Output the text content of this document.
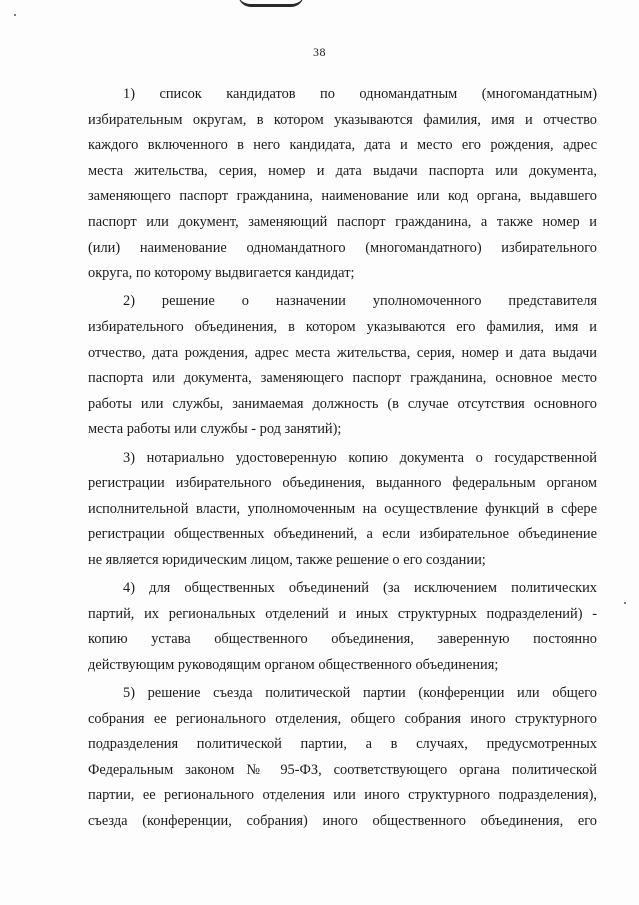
38
1) список кандидатов по одномандатным (многомандатным)
избирательным округам, в котором указываются фамилия, имя и отчество
каждого включенного в него кандидата, дата и место его рождения, адрес
места жительства, серия, номер и дата выдачи паспорта или документа,
заменяющего паспорт гражданина, наименование или код органа, выдавшего
паспорт или документ, заменяющий паспорт гражданина, а также номер и
(или) наименование одномандатного (многомандатного) избирательного
округа, по которому выдвигается кандидат;
2) решение о назначении уполномоченного представителя
избирательного объединения, в котором указываются его фамилия, имя и
отчество, дата рождения, адрес места жительства, серия, номер и дата выдачи
паспорта или документа, заменяющего паспорт гражданина, основное место
работы или службы, занимаемая должность (в случае отсутствия основного
места работы или службы - род занятий);
3) нотариально удостоверенную копию документа о государственной
регистрации избирательного объединения, выданного федеральным органом
исполнительной власти, уполномоченным на осуществление функций в сфере
регистрации общественных объединений, а если избирательное объединение
не является юридическим лицом, также решение о его создании;
4) для общественных объединений (за исключением политических
партий, их региональных отделений и иных структурных подразделений) -
копию устава общественного объединения, заверенную постоянно
действующим руководящим органом общественного объединения;
5) решение съезда политической партии (конференции или общего
собрания ее регионального отделения, общего собрания иного структурного
подразделения политической партии, а в случаях, предусмотренных
Федеральным законом № 95-ФЗ, соответствующего органа политической
партии, ее регионального отделения или иного структурного подразделения),
съезда (конференции, собрания) иного общественного объединения, его
